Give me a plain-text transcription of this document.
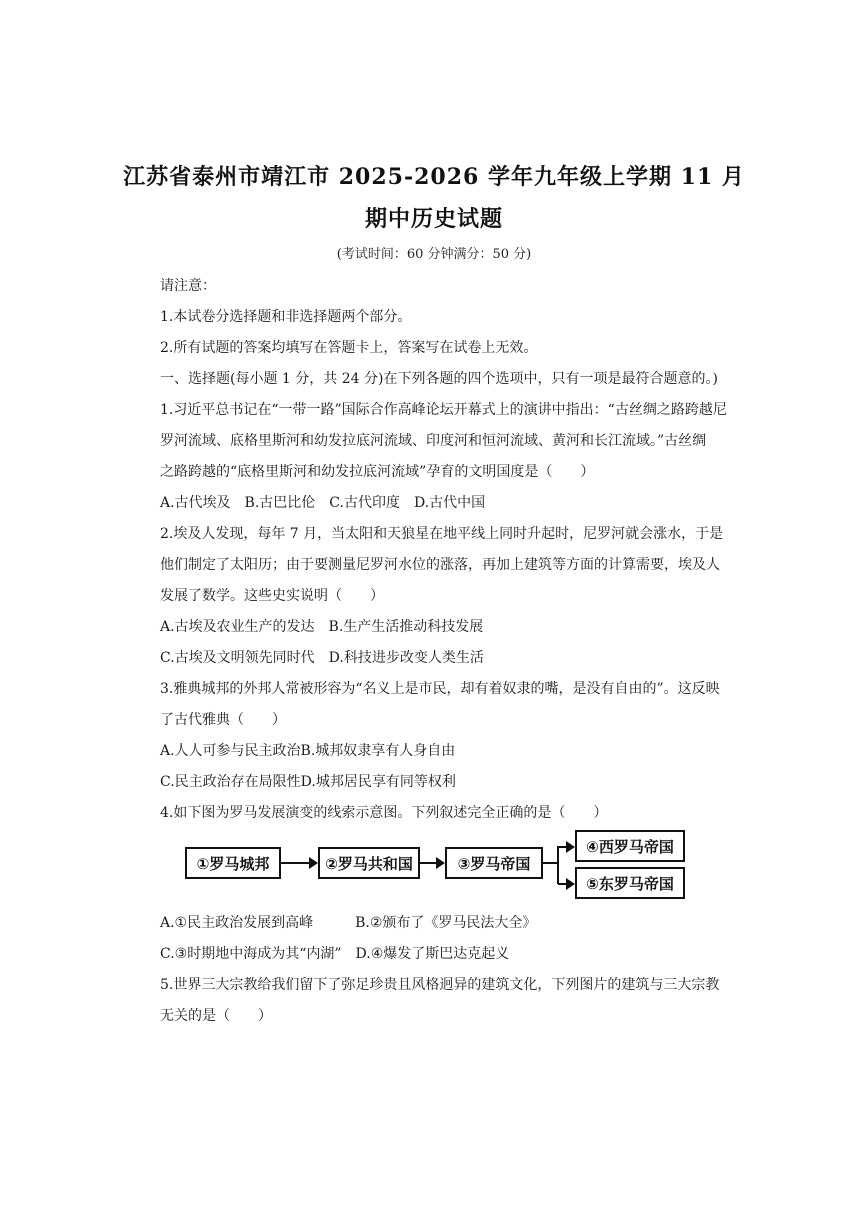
江苏省泰州市靖江市 2025-2026 学年九年级上学期 11 月
期中历史试题
(考试时间：60 分钟满分：50 分)
请注意：
1.本试卷分选择题和非选择题两个部分。
2.所有试题的答案均填写在答题卡上，答案写在试卷上无效。
一、选择题(每小题 1 分，共 24 分)在下列各题的四个选项中，只有一项是最符合题意的。)
1.习近平总书记在“一带一路”国际合作高峰论坛开幕式上的演讲中指出：“古丝绸之路跨越尼
罗河流域、底格里斯河和幼发拉底河流域、印度河和恒河流域、黄河和长江流域。”古丝绸
之路跨越的“底格里斯河和幼发拉底河流域”孕育的文明国度是（　　）
A.古代埃及　B.古巴比伦　C.古代印度　D.古代中国
2.埃及人发现，每年 7 月，当太阳和天狼星在地平线上同时升起时，尼罗河就会涨水，于是
他们制定了太阳历；由于要测量尼罗河水位的涨落，再加上建筑等方面的计算需要，埃及人
发展了数学。这些史实说明（　　）
A.古埃及农业生产的发达　B.生产生活推动科技发展
C.古埃及文明领先同时代　D.科技进步改变人类生活
3.雅典城邦的外邦人常被形容为“名义上是市民，却有着奴隶的嘴，是没有自由的”。这反映
了古代雅典（　　）
A.人人可参与民主政治B.城邦奴隶享有人身自由
C.民主政治存在局限性D.城邦居民享有同等权利
4.如下图为罗马发展演变的线索示意图。下列叙述完全正确的是（　　）
①罗马城邦	②罗马共和国	③罗马帝国
④西罗马帝国
⑤东罗马帝国
A.①民主政治发展到高峰　　　B.②颁布了《罗马民法大全》
C.③时期地中海成为其“内湖”　D.④爆发了斯巴达克起义
5.世界三大宗教给我们留下了弥足珍贵且风格迥异的建筑文化，下列图片的建筑与三大宗教
无关的是（　　）
